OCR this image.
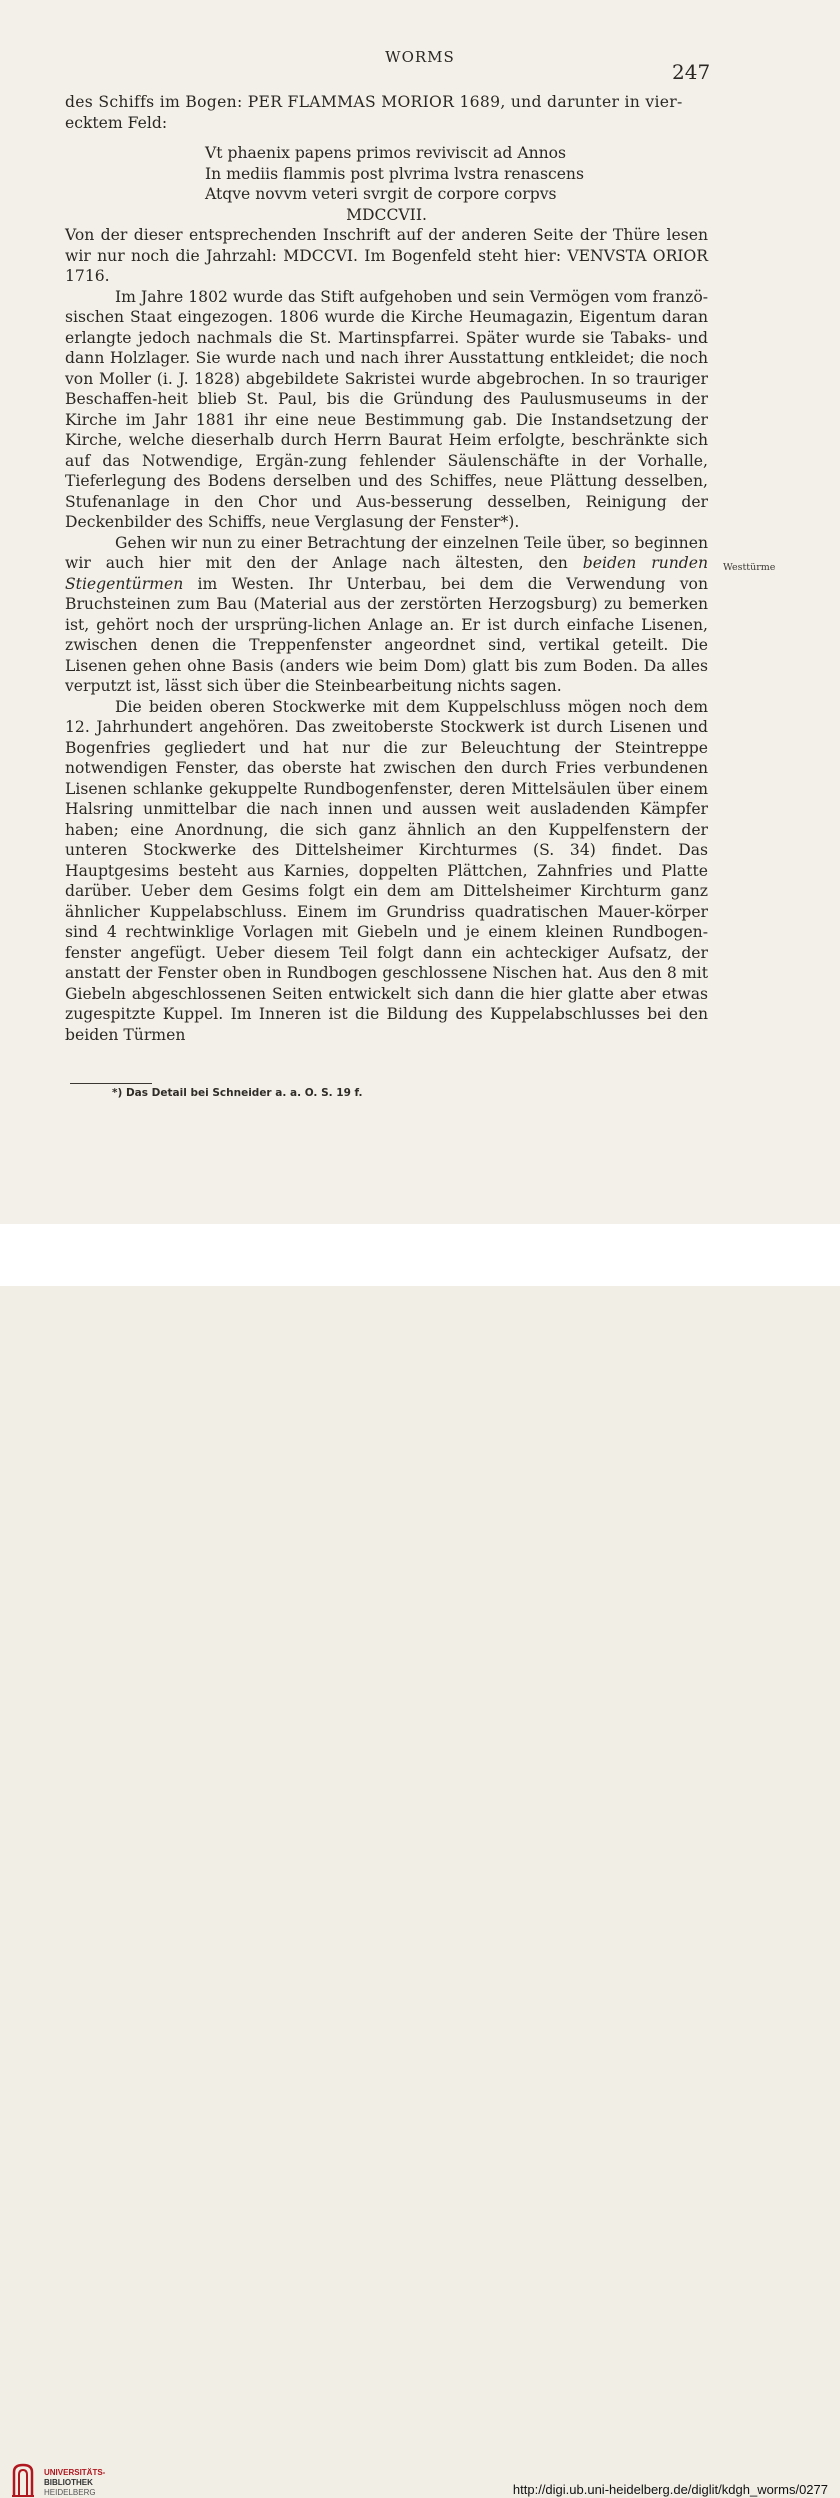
WORMS
247

des Schiffs im Bogen: PER FLAMMAS MORIOR 1689, und darunter in vier-

ecktem Feld:

Vt phaenix papens primos reviviscit ad Annos
In mediis flammis post plvrima lvstra renascens
Atqve novvm veteri svrgit de corpore corpvs
MDCCVII.

Von der dieser entsprechenden Inschrift auf der anderen Seite der Thüre lesen wir nur noch die Jahrzahl: MDCCVI. Im Bogenfeld steht hier: VENVSTA ORIOR 1716.

Im Jahre 1802 wurde das Stift aufgehoben und sein Vermögen vom franzö-sischen Staat eingezogen. 1806 wurde die Kirche Heumagazin, Eigentum daran erlangte jedoch nachmals die St. Martinspfarrei. Später wurde sie Tabaks- und dann Holzlager. Sie wurde nach und nach ihrer Ausstattung entkleidet; die noch von Moller (i. J. 1828) abgebildete Sakristei wurde abgebrochen. In so trauriger Beschaffen-heit blieb St. Paul, bis die Gründung des Paulusmuseums in der Kirche im Jahr 1881 ihr eine neue Bestimmung gab. Die Instandsetzung der Kirche, welche dieserhalb durch Herrn Baurat Heim erfolgte, beschränkte sich auf das Notwendige, Ergän-zung fehlender Säulenschäfte in der Vorhalle, Tieferlegung des Bodens derselben und des Schiffes, neue Plättung desselben, Stufenanlage in den Chor und Aus-besserung desselben, Reinigung der Deckenbilder des Schiffs, neue Verglasung der Fenster*).

Gehen wir nun zu einer Betrachtung der einzelnen Teile über, so beginnen wir auch hier mit den der Anlage nach ältesten, den beiden runden Stiegentürmen im Westen. Ihr Unterbau, bei dem die Verwendung von Bruchsteinen zum Bau (Material aus der zerstörten Herzogsburg) zu bemerken ist, gehört noch der ursprüng-lichen Anlage an. Er ist durch einfache Lisenen, zwischen denen die Treppenfenster angeordnet sind, vertikal geteilt. Die Lisenen gehen ohne Basis (anders wie beim Dom) glatt bis zum Boden. Da alles verputzt ist, lässt sich über die Steinbearbeitung nichts sagen.

Die beiden oberen Stockwerke mit dem Kuppelschluss mögen noch dem 12. Jahrhundert angehören. Das zweitoberste Stockwerk ist durch Lisenen und Bogenfries gegliedert und hat nur die zur Beleuchtung der Steintreppe notwendigen Fenster, das oberste hat zwischen den durch Fries verbundenen Lisenen schlanke gekuppelte Rundbogenfenster, deren Mittelsäulen über einem Halsring unmittelbar die nach innen und aussen weit ausladenden Kämpfer haben; eine Anordnung, die sich ganz ähnlich an den Kuppelfenstern der unteren Stockwerke des Dittelsheimer Kirchturmes (S. 34) findet. Das Hauptgesims besteht aus Karnies, doppelten Plättchen, Zahnfries und Platte darüber. Ueber dem Gesims folgt ein dem am Dittelsheimer Kirchturm ganz ähnlicher Kuppelabschluss. Einem im Grundriss quadratischen Mauer-körper sind 4 rechtwinklige Vorlagen mit Giebeln und je einem kleinen Rundbogen-fenster angefügt. Ueber diesem Teil folgt dann ein achteckiger Aufsatz, der anstatt der Fenster oben in Rundbogen geschlossene Nischen hat. Aus den 8 mit Giebeln abgeschlossenen Seiten entwickelt sich dann die hier glatte aber etwas zugespitzte Kuppel. Im Inneren ist die Bildung des Kuppelabschlusses bei den beiden Türmen

Westtürme
*) Das Detail bei Schneider a. a. O. S. 19 f.
UNIVERSITÄTS-
BIBLIOTHEK
HEIDELBERG	http://digi.ub.uni-heidelberg.de/diglit/kdgh_worms/0277
